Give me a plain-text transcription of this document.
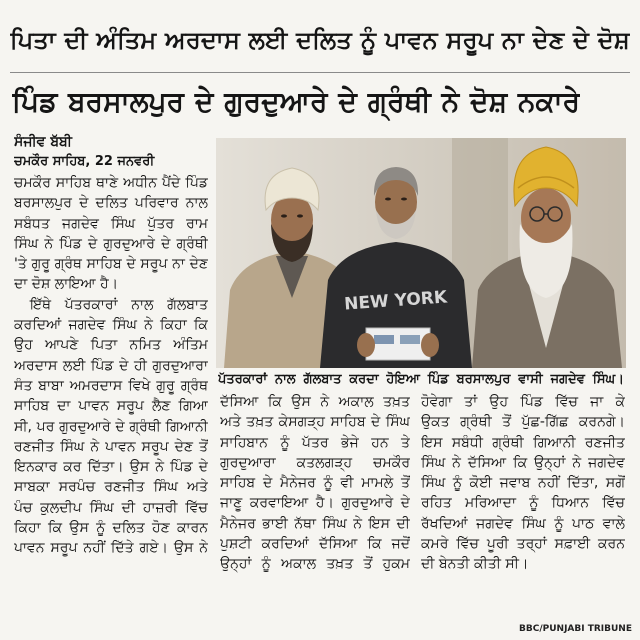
ਪਿਤਾ ਦੀ ਅੰਤਿਮ ਅਰਦਾਸ ਲਈ ਦਲਿਤ ਨੂੰ ਪਾਵਨ ਸਰੂਪ ਨਾ ਦੇਣ ਦੇ ਦੋਸ਼
ਪਿੰਡ ਬਰਸਾਲਪੁਰ ਦੇ ਗੁਰਦੁਆਰੇ ਦੇ ਗ੍ਰੰਥੀ ਨੇ ਦੋਸ਼ ਨਕਾਰੇ
ਸੰਜੀਵ ਬੱਬੀ
ਚਮਕੌਰ ਸਾਹਿਬ, 22 ਜਨਵਰੀ
ਚਮਕੌਰ ਸਾਹਿਬ ਥਾਣੇ ਅਧੀਨ ਪੈਂਦੇ ਪਿੰਡ
ਬਰਸਾਲਪੁਰ ਦੇ ਦਲਿਤ ਪਰਿਵਾਰ ਨਾਲ
ਸਬੰਧਤ ਜਗਦੇਵ ਸਿੰਘ ਪੁੱਤਰ ਰਾਮ
ਸਿੰਘ ਨੇ ਪਿੰਡ ਦੇ ਗੁਰਦੁਆਰੇ ਦੇ ਗ੍ਰੰਥੀ
'ਤੇ ਗੁਰੂ ਗ੍ਰੰਥ ਸਾਹਿਬ ਦੇ ਸਰੂਪ ਨਾ ਦੇਣ
ਦਾ ਦੋਸ਼ ਲਾਇਆ ਹੈ।
ਇੱਥੇ ਪੱਤਰਕਾਰਾਂ ਨਾਲ ਗੱਲਬਾਤ
ਕਰਦਿਆਂ ਜਗਦੇਵ ਸਿੰਘ ਨੇ ਕਿਹਾ ਕਿ
ਉਹ ਆਪਣੇ ਪਿਤਾ ਨਮਿਤ ਅੰਤਿਮ
ਅਰਦਾਸ ਲਈ ਪਿੰਡ ਦੇ ਹੀ ਗੁਰਦੁਆਰਾ
ਸੰਤ ਬਾਬਾ ਅਮਰਦਾਸ ਵਿਖੇ ਗੁਰੂ ਗ੍ਰੰਥ
ਸਾਹਿਬ ਦਾ ਪਾਵਨ ਸਰੂਪ ਲੈਣ ਗਿਆ
ਸੀ, ਪਰ ਗੁਰਦੁਆਰੇ ਦੇ ਗ੍ਰੰਥੀ ਗਿਆਨੀ
ਰਣਜੀਤ ਸਿੰਘ ਨੇ ਪਾਵਨ ਸਰੂਪ ਦੇਣ ਤੋਂ
ਇਨਕਾਰ ਕਰ ਦਿੱਤਾ। ਉਸ ਨੇ ਪਿੰਡ ਦੇ
ਸਾਬਕਾ ਸਰਪੰਚ ਰਣਜੀਤ ਸਿੰਘ ਅਤੇ
ਪੰਚ ਕੁਲਦੀਪ ਸਿੰਘ ਦੀ ਹਾਜ਼ਰੀ ਵਿੱਚ
ਕਿਹਾ ਕਿ ਉਸ ਨੂੰ ਦਲਿਤ ਹੋਣ ਕਾਰਨ
ਪਾਵਨ ਸਰੂਪ ਨਹੀਂ ਦਿੱਤੇ ਗਏ। ਉਸ ਨੇ
NEW YORK
ਪੱਤਰਕਾਰਾਂ ਨਾਲ ਗੱਲਬਾਤ ਕਰਦਾ ਹੋਇਆ ਪਿੰਡ ਬਰਸਾਲਪੁਰ ਵਾਸੀ ਜਗਦੇਵ ਸਿੰਘ।
ਦੱਸਿਆ ਕਿ ਉਸ ਨੇ ਅਕਾਲ ਤਖ਼ਤ
ਅਤੇ ਤਖ਼ਤ ਕੇਸਗੜ੍ਹ ਸਾਹਿਬ ਦੇ ਸਿੰਘ
ਸਾਹਿਬਾਨ ਨੂੰ ਪੱਤਰ ਭੇਜੇ ਹਨ ਤੇ
ਗੁਰਦੁਆਰਾ ਕਤਲਗੜ੍ਹ ਚਮਕੌਰ
ਸਾਹਿਬ ਦੇ ਮੈਨੇਜਰ ਨੂੰ ਵੀ ਮਾਮਲੇ ਤੋਂ
ਜਾਣੂ ਕਰਵਾਇਆ ਹੈ। ਗੁਰਦੁਆਰੇ ਦੇ
ਮੈਨੇਜਰ ਭਾਈ ਨੱਥਾ ਸਿੰਘ ਨੇ ਇਸ ਦੀ
ਪੁਸ਼ਟੀ ਕਰਦਿਆਂ ਦੱਸਿਆ ਕਿ ਜਦੋਂ
ਉਨ੍ਹਾਂ ਨੂੰ ਅਕਾਲ ਤਖ਼ਤ ਤੋਂ ਹੁਕਮ
ਹੋਵੇਗਾ ਤਾਂ ਉਹ ਪਿੰਡ ਵਿੱਚ ਜਾ ਕੇ
ਉਕਤ ਗ੍ਰੰਥੀ ਤੋਂ ਪੁੱਛ-ਗਿੱਛ ਕਰਨਗੇ।
ਇਸ ਸਬੰਧੀ ਗ੍ਰੰਥੀ ਗਿਆਨੀ ਰਣਜੀਤ
ਸਿੰਘ ਨੇ ਦੱਸਿਆ ਕਿ ਉਨ੍ਹਾਂ ਨੇ ਜਗਦੇਵ
ਸਿੰਘ ਨੂੰ ਕੋਈ ਜਵਾਬ ਨਹੀਂ ਦਿੱਤਾ, ਸਗੋਂ
ਰਹਿਤ ਮਰਿਆਦਾ ਨੂੰ ਧਿਆਨ ਵਿੱਚ
ਰੱਖਦਿਆਂ ਜਗਦੇਵ ਸਿੰਘ ਨੂੰ ਪਾਠ ਵਾਲੇ
ਕਮਰੇ ਵਿੱਚ ਪੂਰੀ ਤਰ੍ਹਾਂ ਸਫ਼ਾਈ ਕਰਨ
ਦੀ ਬੇਨਤੀ ਕੀਤੀ ਸੀ।
BBC/PUNJABI TRIBUNE
